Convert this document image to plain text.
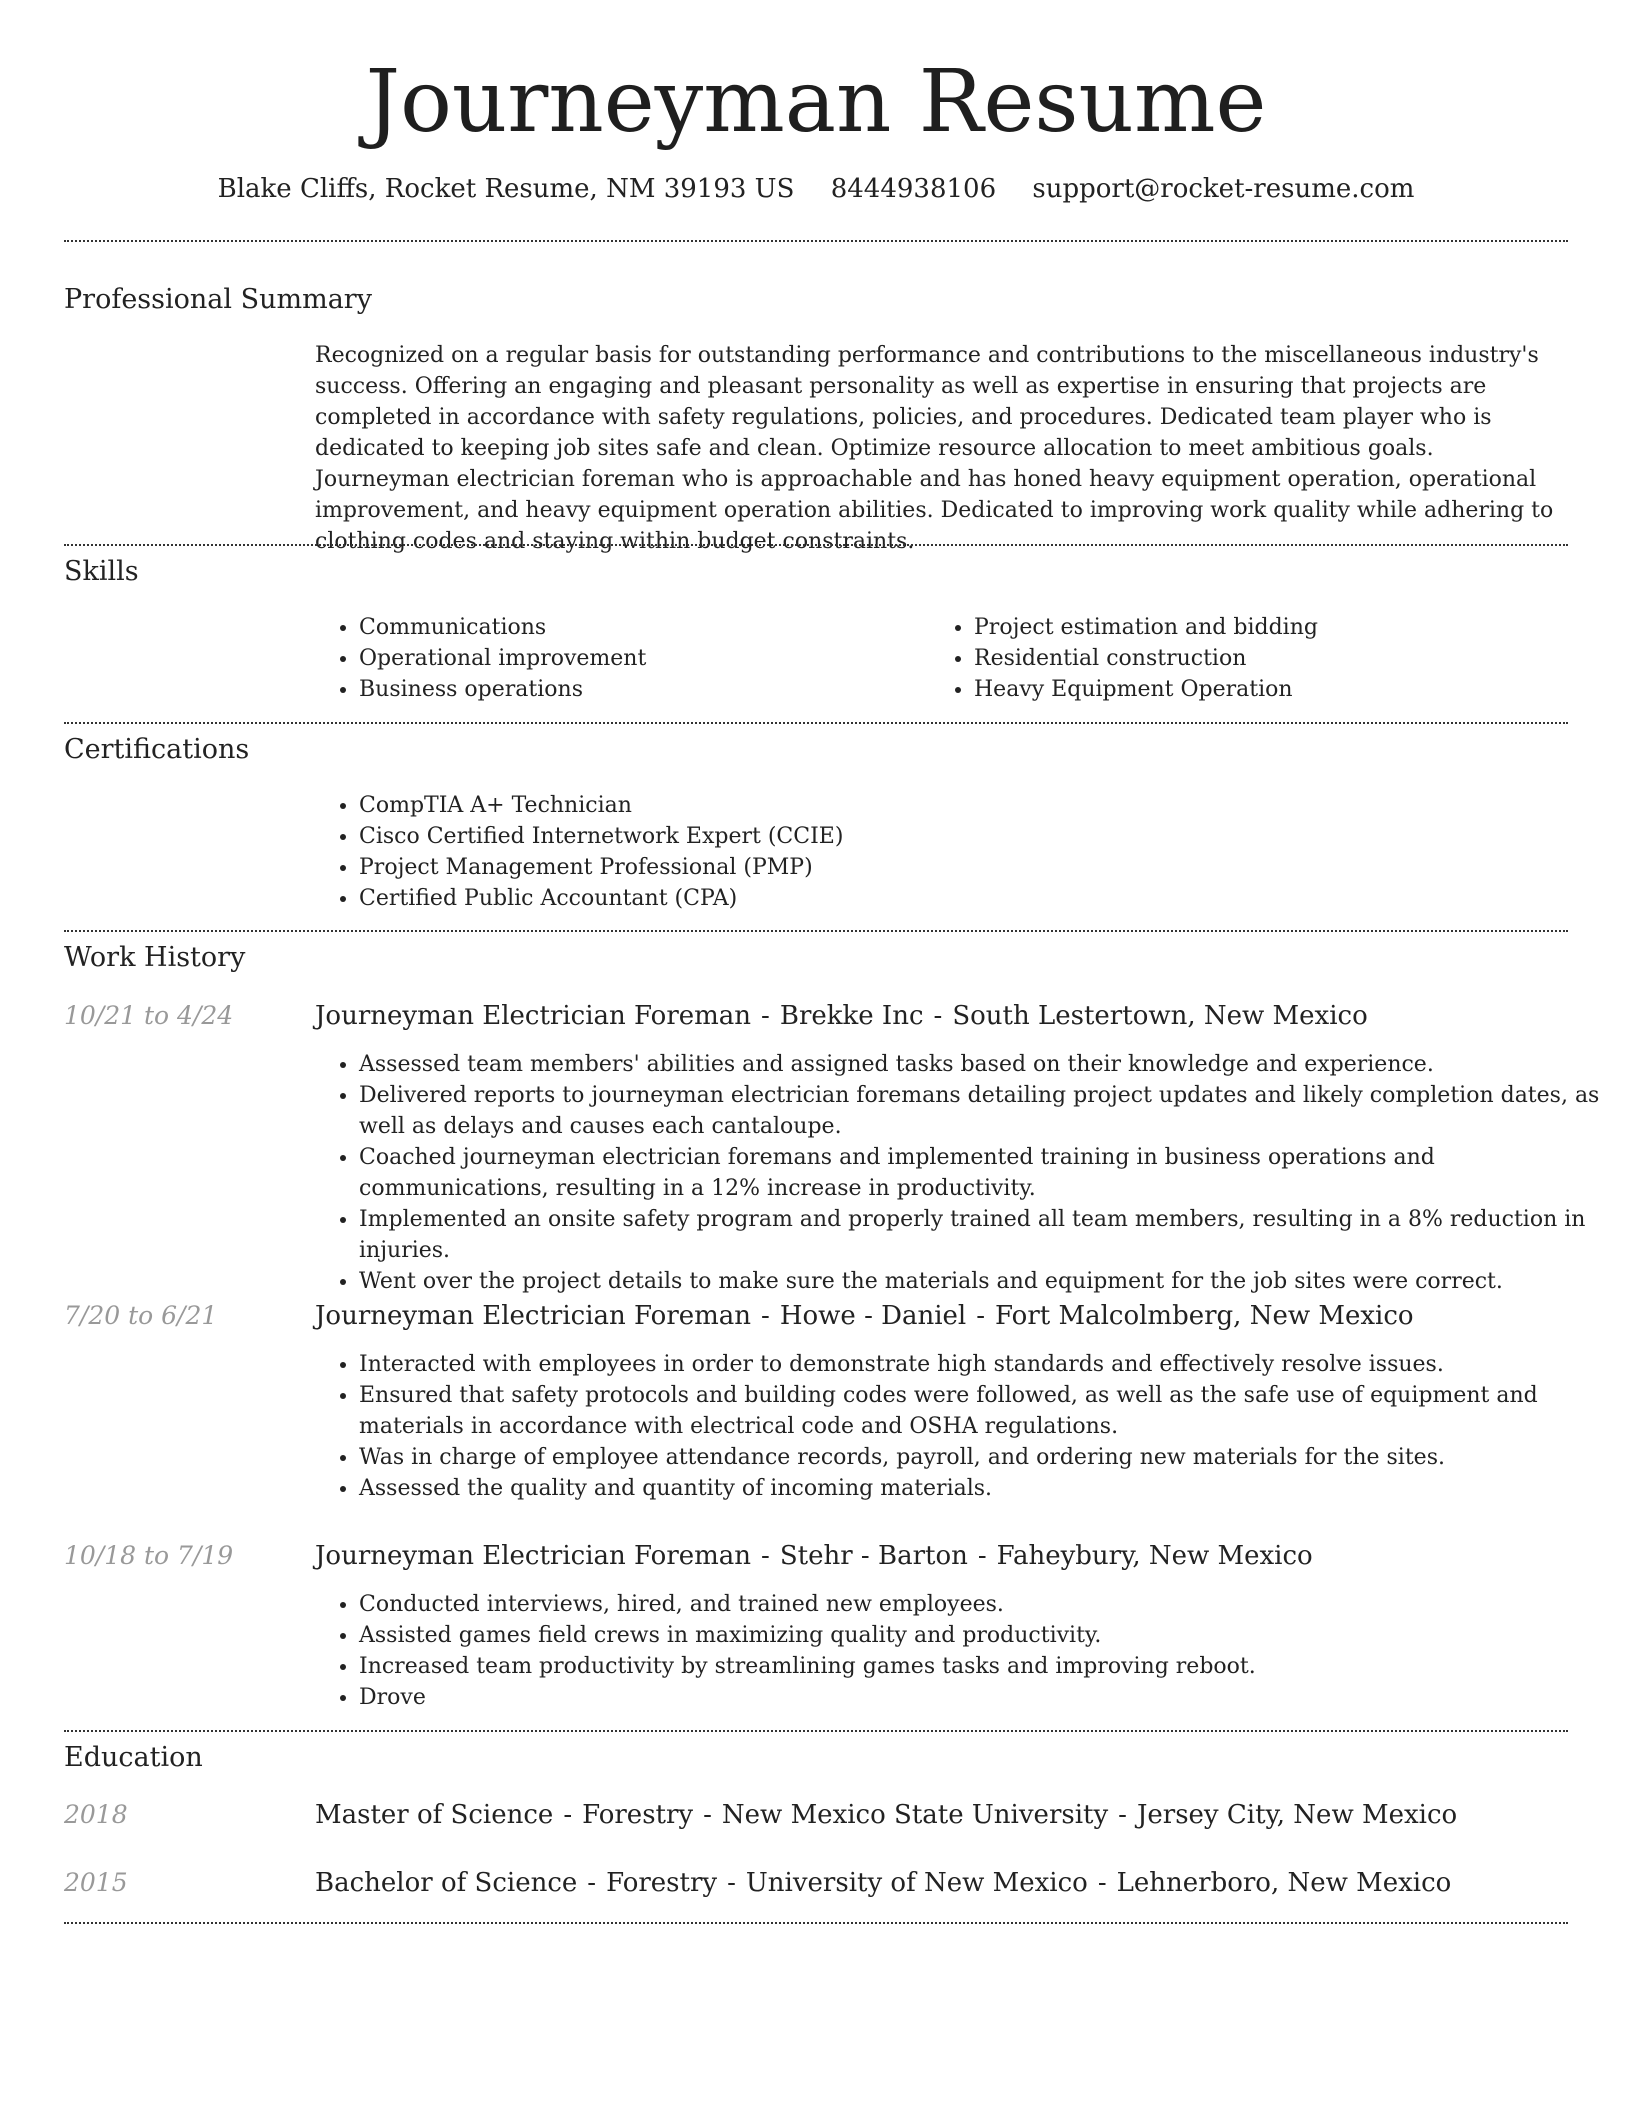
Journeyman Resume
Blake Cliffs, Rocket Resume, NM 39193 US 8444938106 support@rocket-resume.com
Professional Summary

Recognized on a regular basis for outstanding performance and contributions to the miscellaneous industry's success. Offering an engaging and pleasant personality as well as expertise in ensuring that projects are completed in accordance with safety regulations, policies, and procedures. Dedicated team player who is dedicated to keeping job sites safe and clean. Optimize resource allocation to meet ambitious goals. Journeyman electrician foreman who is approachable and has honed heavy equipment operation, operational improvement, and heavy equipment operation abilities. Dedicated to improving work quality while adhering to clothing codes and staying within budget constraints.

Skills
• Communications
• Operational improvement
• Business operations
• Project estimation and bidding
• Residential construction
• Heavy Equipment Operation
Certifications
• CompTIA A+ Technician
• Cisco Certified Internetwork Expert (CCIE)
• Project Management Professional (PMP)
• Certified Public Accountant (CPA)
Work History
10/21 to 4/24	Journeyman Electrician Foreman - Brekke Inc - South Lestertown, New Mexico
• Assessed team members' abilities and assigned tasks based on their knowledge and experience.
• Delivered reports to journeyman electrician foremans detailing project updates and likely completion dates, as well as delays and causes each cantaloupe.
• Coached journeyman electrician foremans and implemented training in business operations and communications, resulting in a 12% increase in productivity.
• Implemented an onsite safety program and properly trained all team members, resulting in a 8% reduction in injuries.
• Went over the project details to make sure the materials and equipment for the job sites were correct.
7/20 to 6/21	Journeyman Electrician Foreman - Howe - Daniel - Fort Malcolmberg, New Mexico
• Interacted with employees in order to demonstrate high standards and effectively resolve issues.
• Ensured that safety protocols and building codes were followed, as well as the safe use of equipment and materials in accordance with electrical code and OSHA regulations.
• Was in charge of employee attendance records, payroll, and ordering new materials for the sites.
• Assessed the quality and quantity of incoming materials.
10/18 to 7/19	Journeyman Electrician Foreman - Stehr - Barton - Faheybury, New Mexico
• Conducted interviews, hired, and trained new employees.
• Assisted games field crews in maximizing quality and productivity.
• Increased team productivity by streamlining games tasks and improving reboot.
• Drove
Education
2018	Master of Science - Forestry - New Mexico State University - Jersey City, New Mexico
2015	Bachelor of Science - Forestry - University of New Mexico - Lehnerboro, New Mexico
